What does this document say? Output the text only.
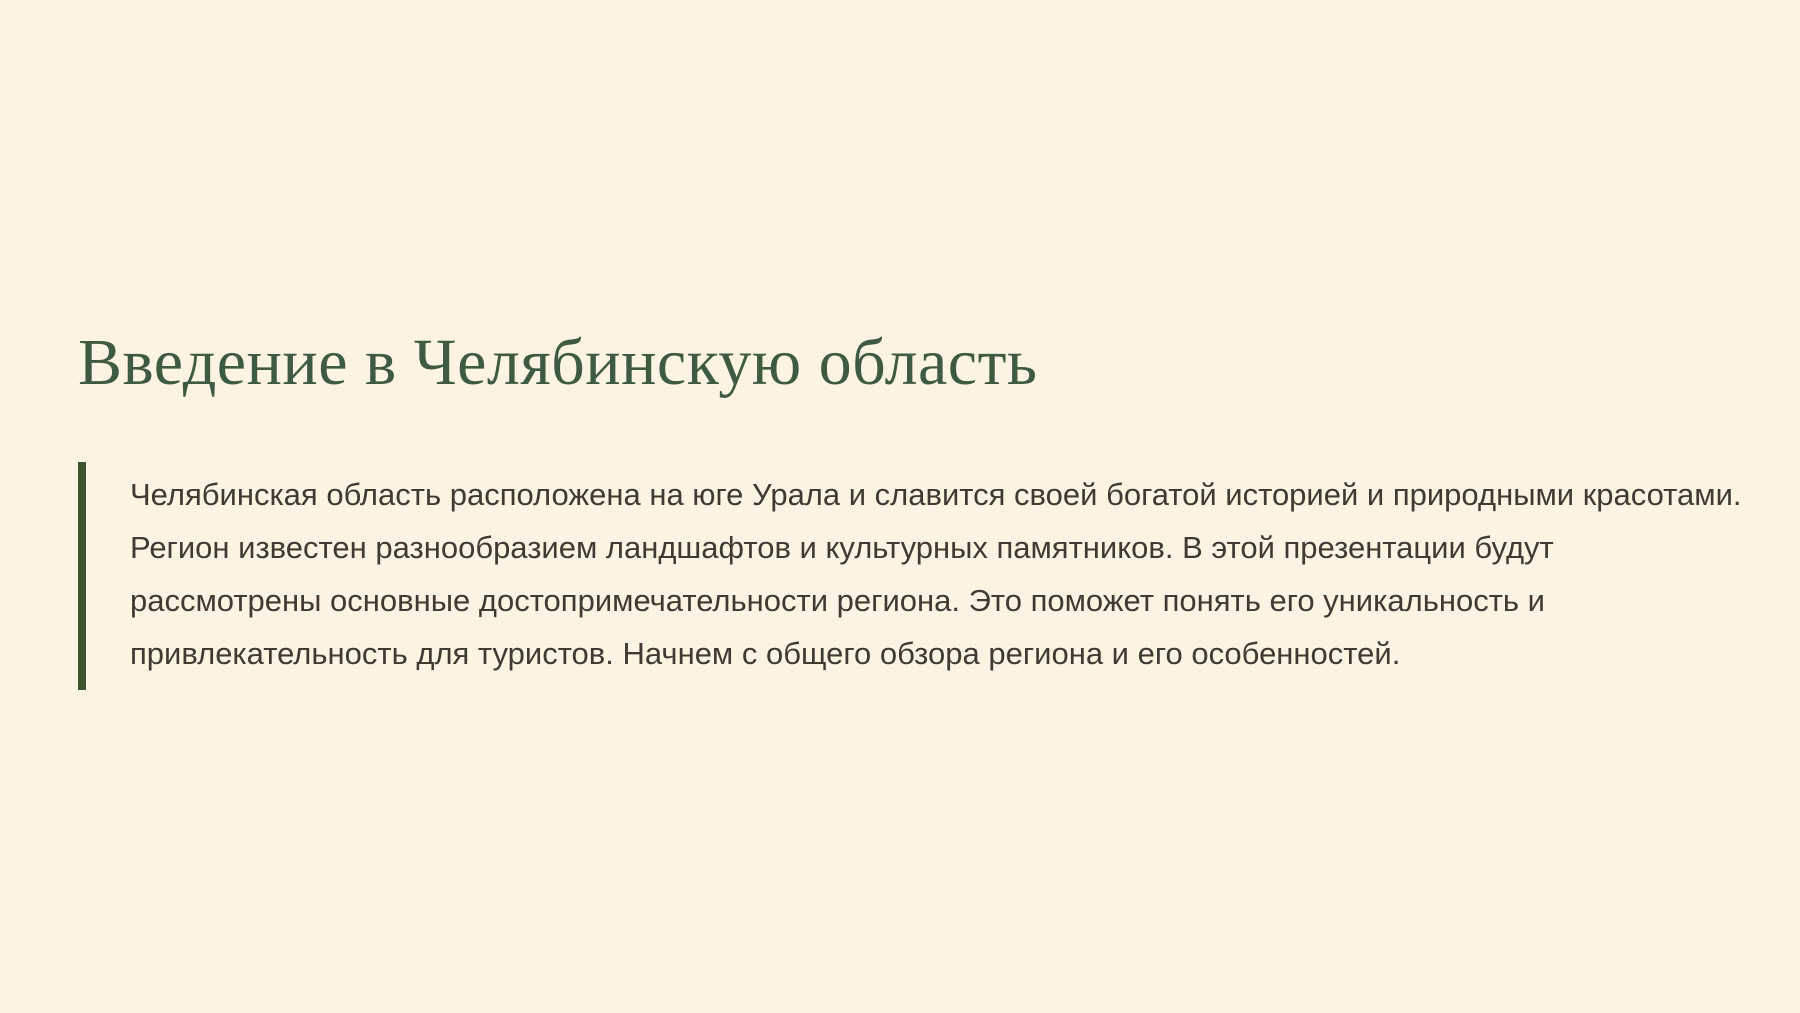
Введение в Челябинскую область
Челябинская область расположена на юге Урала и славится своей богатой историей и природными красотами.
Регион известен разнообразием ландшафтов и культурных памятников. В этой презентации будут
рассмотрены основные достопримечательности региона. Это поможет понять его уникальность и
привлекательность для туристов. Начнем с общего обзора региона и его особенностей.
